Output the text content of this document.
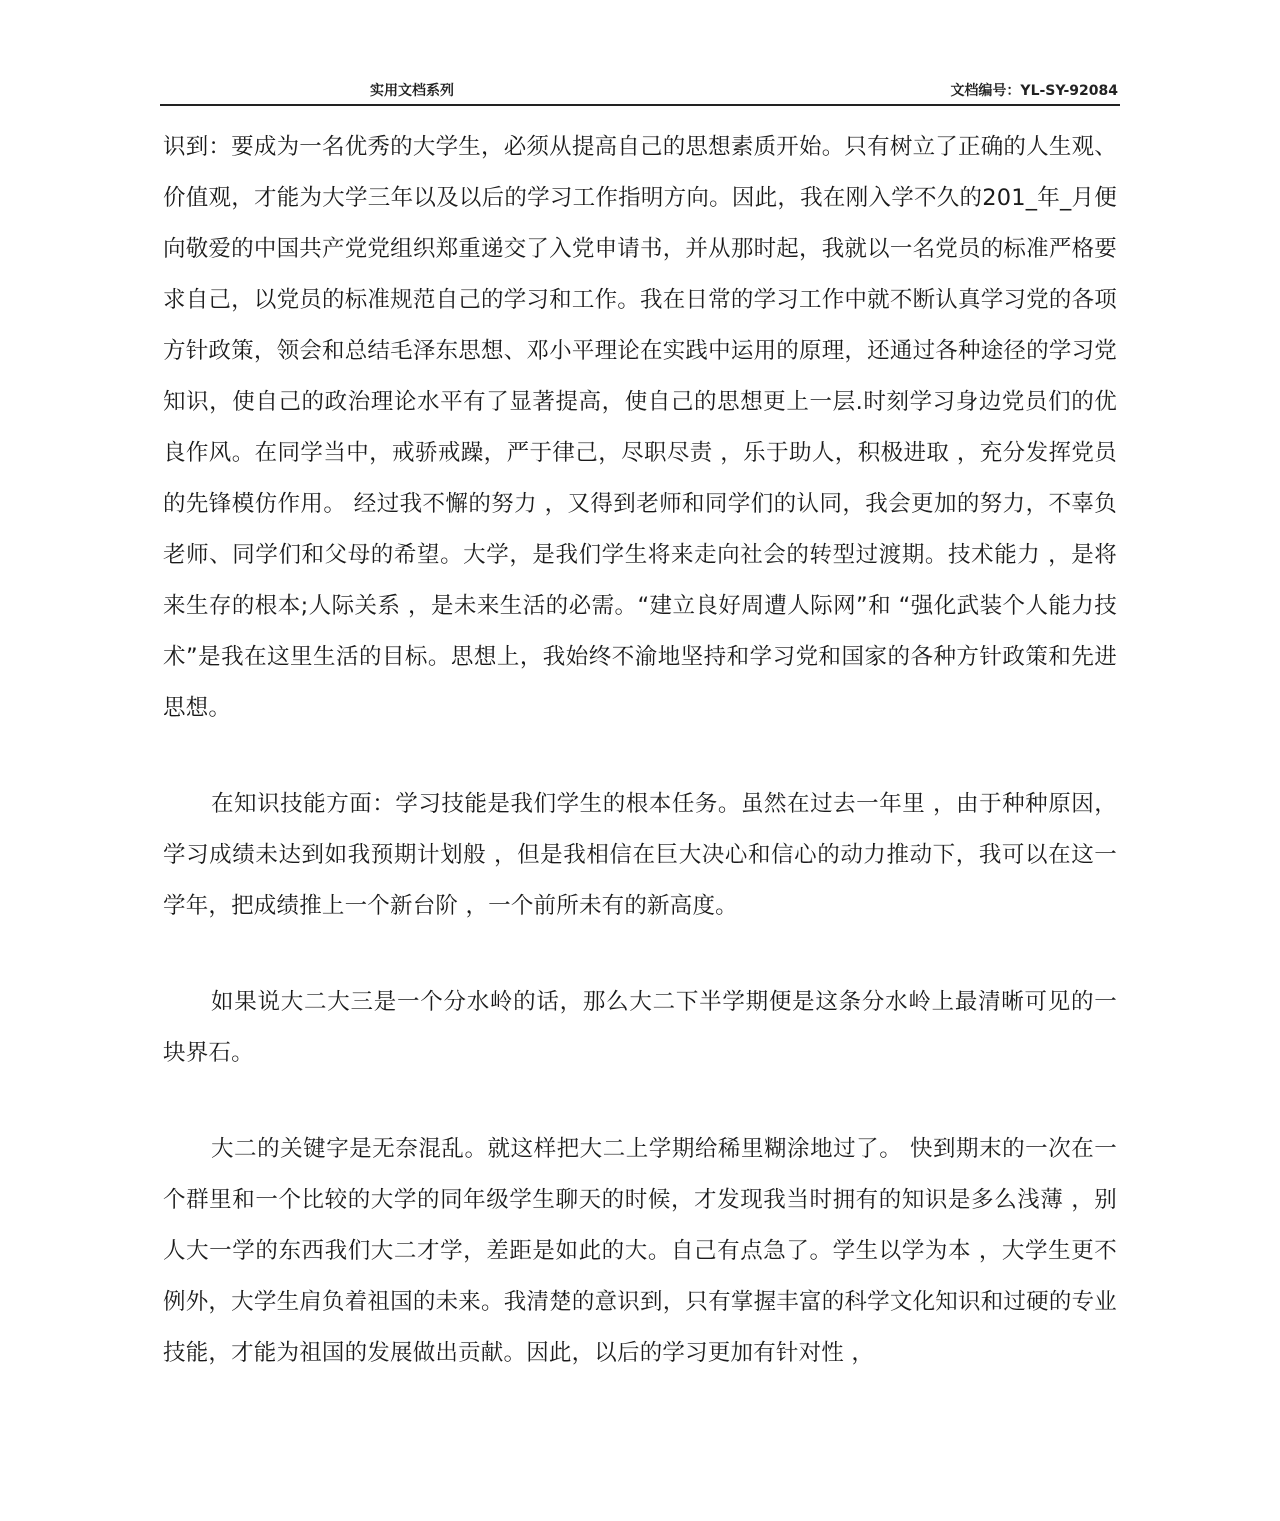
实用文档系列	文档编号：YL-SY-92084

识到：要成为一名优秀的大学生，必须从提高自己的思想素质开始。只有树立了正确的人生观、价值观，才能为大学三年以及以后的学习工作指明方向。因此，我在刚入学不久的201_年_月便向敬爱的中国共产党党组织郑重递交了入党申请书，并从那时起，我就以一名党员的标准严格要求自己，以党员的标准规范自己的学习和工作。我在日常的学习工作中就不断认真学习党的各项方针政策，领会和总结毛泽东思想、邓小平理论在实践中运用的原理，还通过各种途径的学习党知识，使自己的政治理论水平有了显著提高，使自己的思想更上一层.时刻学习身边党员们的优良作风。在同学当中，戒骄戒躁，严于律己，尽职尽责 ，乐于助人，积极进取 ，充分发挥党员的先锋模仿作用。 经过我不懈的努力 ，又得到老师和同学们的认同，我会更加的努力，不辜负老师、同学们和父母的希望。大学，是我们学生将来走向社会的转型过渡期。技术能力 ，是将来生存的根本;人际关系 ，是未来生活的必需。“建立良好周遭人际网”和 “强化武装个人能力技术”是我在这里生活的目标。思想上，我始终不渝地坚持和学习党和国家的各种方针政策和先进思想。

在知识技能方面：学习技能是我们学生的根本任务。虽然在过去一年里 ，由于种种原因，学习成绩未达到如我预期计划般 ，但是我相信在巨大决心和信心的动力推动下，我可以在这一学年，把成绩推上一个新台阶 ，一个前所未有的新高度。

如果说大二大三是一个分水岭的话，那么大二下半学期便是这条分水岭上最清晰可见的一块界石。

大二的关键字是无奈混乱。就这样把大二上学期给稀里糊涂地过了。 快到期末的一次在一个群里和一个比较的大学的同年级学生聊天的时候，才发现我当时拥有的知识是多么浅薄 ，别人大一学的东西我们大二才学，差距是如此的大。自己有点急了。学生以学为本 ，大学生更不例外，大学生肩负着祖国的未来。我清楚的意识到，只有掌握丰富的科学文化知识和过硬的专业技能，才能为祖国的发展做出贡献。因此，以后的学习更加有针对性 ，
